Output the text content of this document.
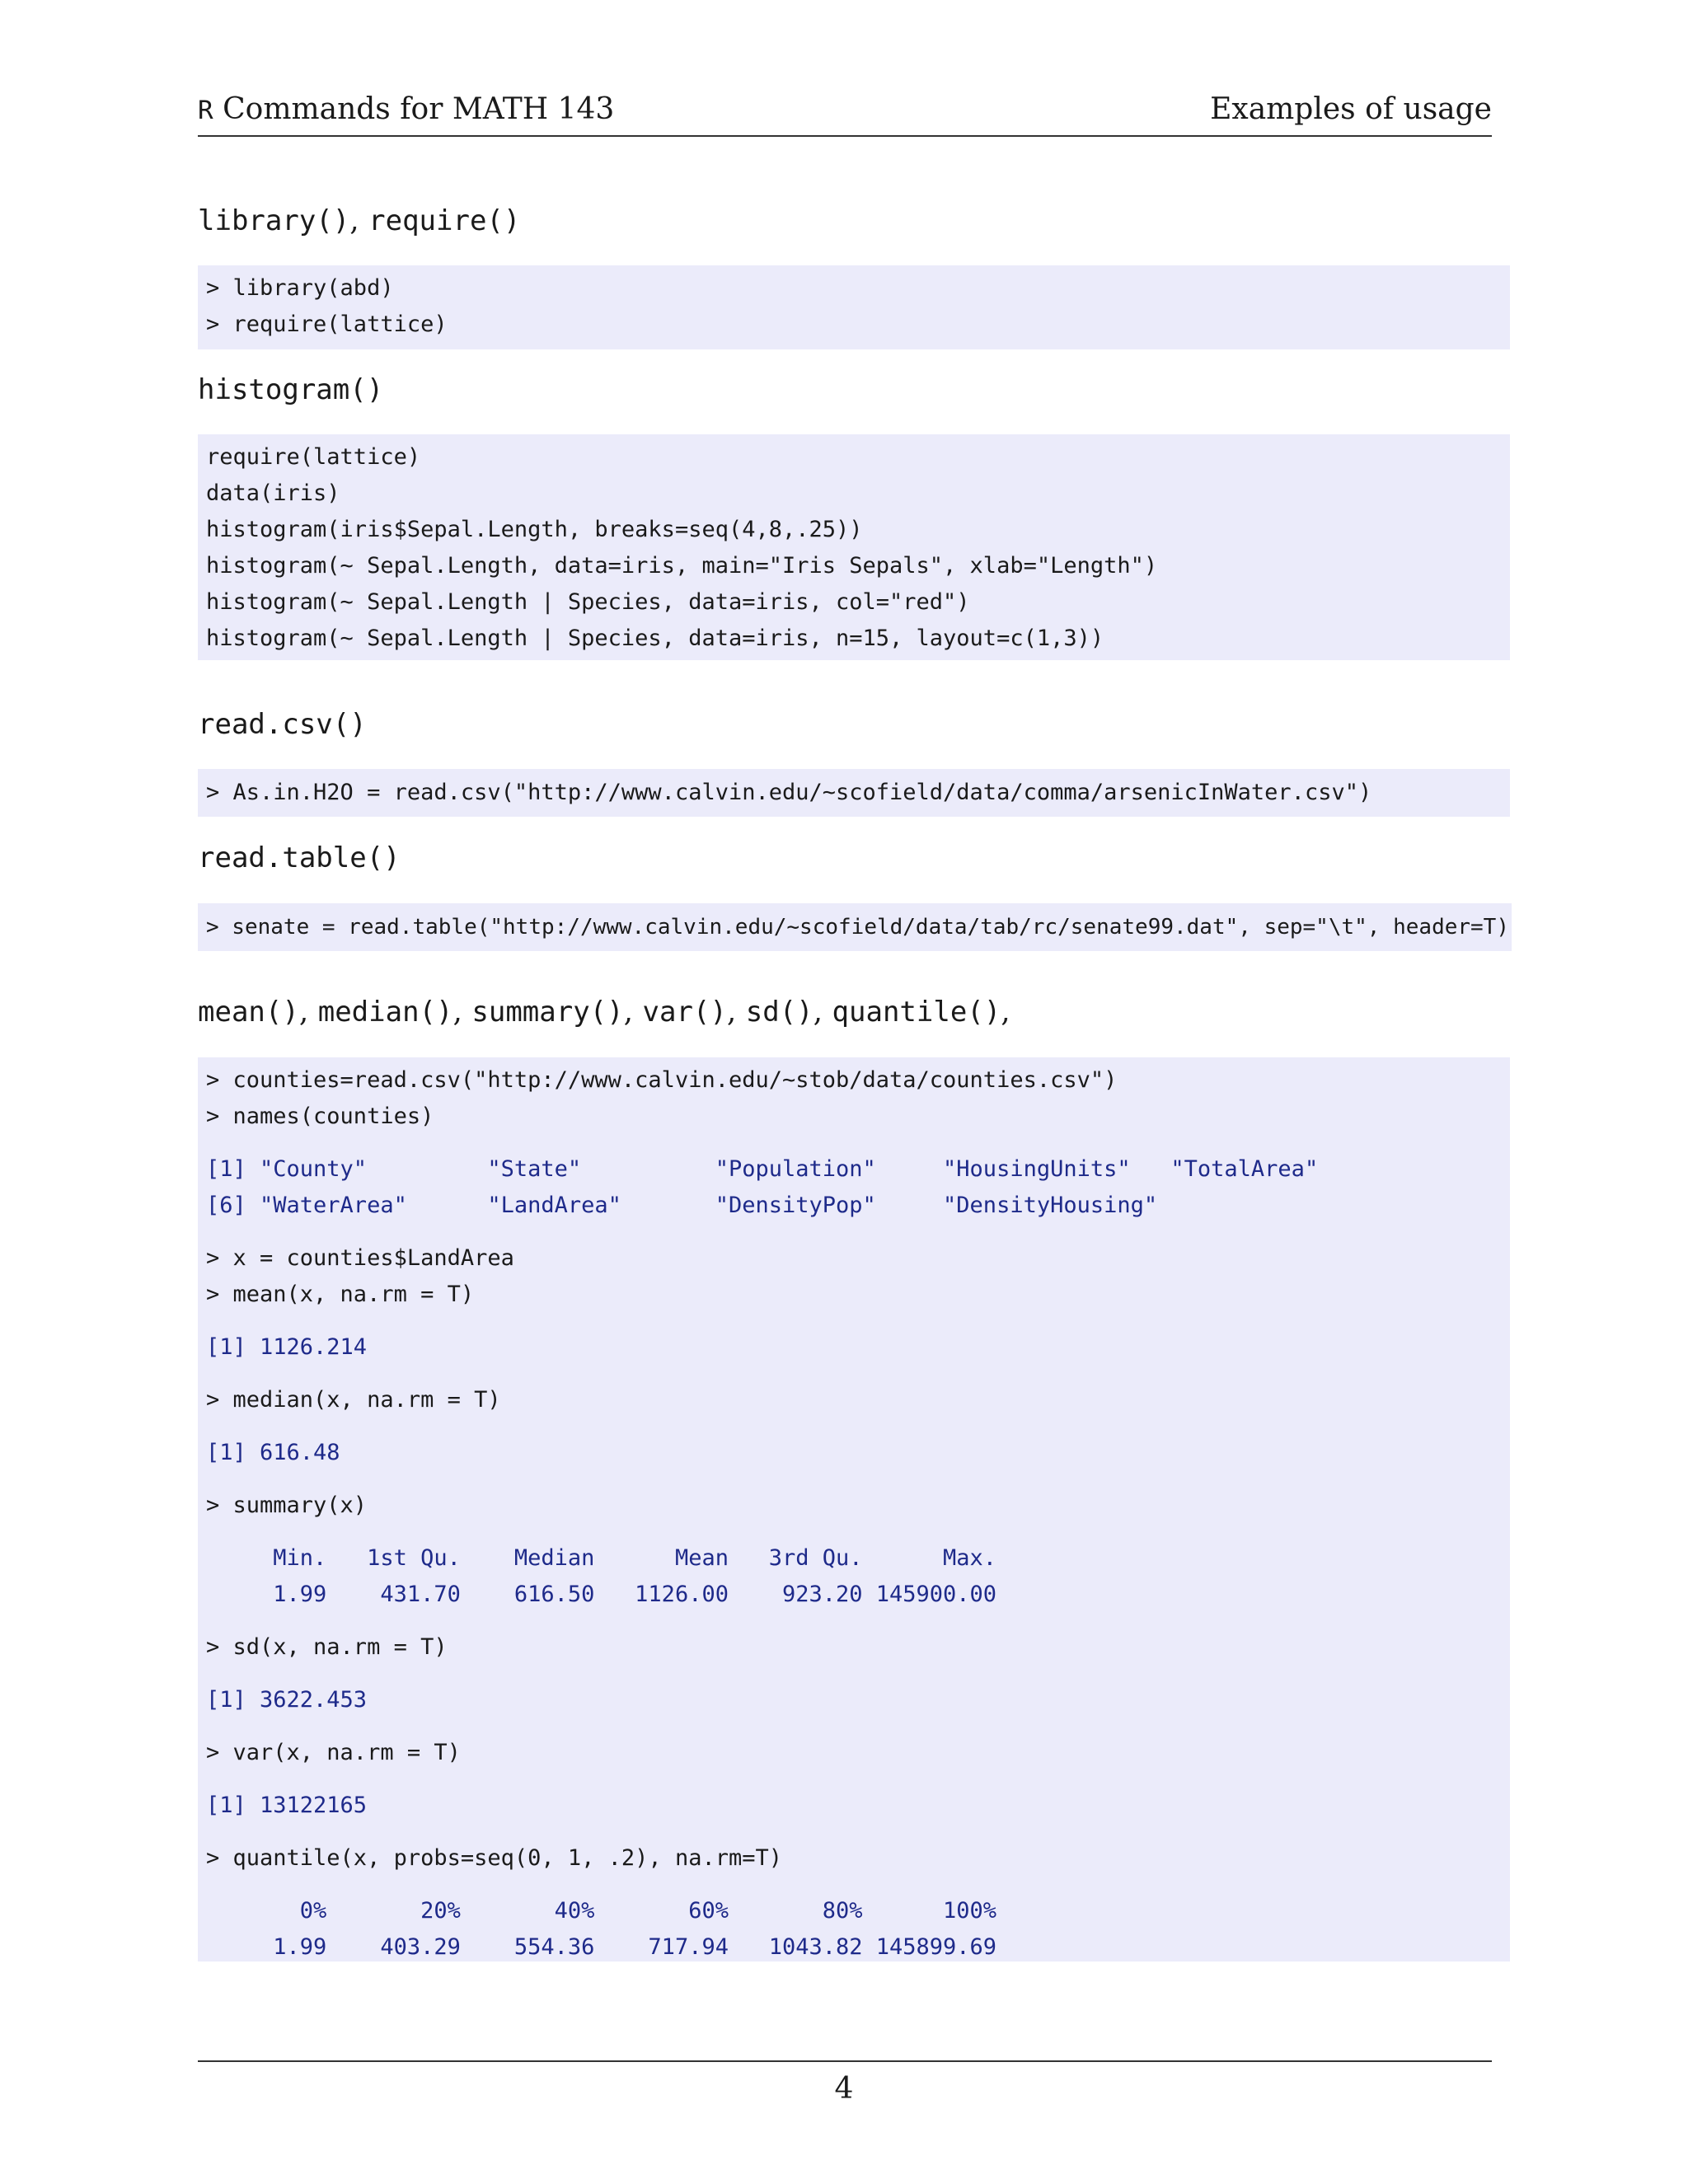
R Commands for MATH 143	Examples of usage
library(), require()

> library(abd)

> require(lattice)

histogram()

require(lattice)

data(iris)

histogram(iris$Sepal.Length, breaks=seq(4,8,.25))

histogram(~ Sepal.Length, data=iris, main="Iris Sepals", xlab="Length")

histogram(~ Sepal.Length | Species, data=iris, col="red")

histogram(~ Sepal.Length | Species, data=iris, n=15, layout=c(1,3))

read.csv()

> As.in.H2O = read.csv("http://www.calvin.edu/~scofield/data/comma/arsenicInWater.csv")

read.table()

> senate = read.table("http://www.calvin.edu/~scofield/data/tab/rc/senate99.dat", sep="\t", header=T)

mean(), median(), summary(), var(), sd(), quantile(),

> counties=read.csv("http://www.calvin.edu/~stob/data/counties.csv")

> names(counties)

[1] "County"         "State"          "Population"     "HousingUnits"   "TotalArea"

[6] "WaterArea"      "LandArea"       "DensityPop"     "DensityHousing"

> x = counties$LandArea

> mean(x, na.rm = T)

[1] 1126.214

> median(x, na.rm = T)

[1] 616.48

> summary(x)

Min.   1st Qu.    Median      Mean   3rd Qu.      Max.

1.99    431.70    616.50   1126.00    923.20 145900.00

> sd(x, na.rm = T)

[1] 3622.453

> var(x, na.rm = T)

[1] 13122165

> quantile(x, probs=seq(0, 1, .2), na.rm=T)

0%       20%       40%       60%       80%      100%

1.99    403.29    554.36    717.94   1043.82 145899.69

4
